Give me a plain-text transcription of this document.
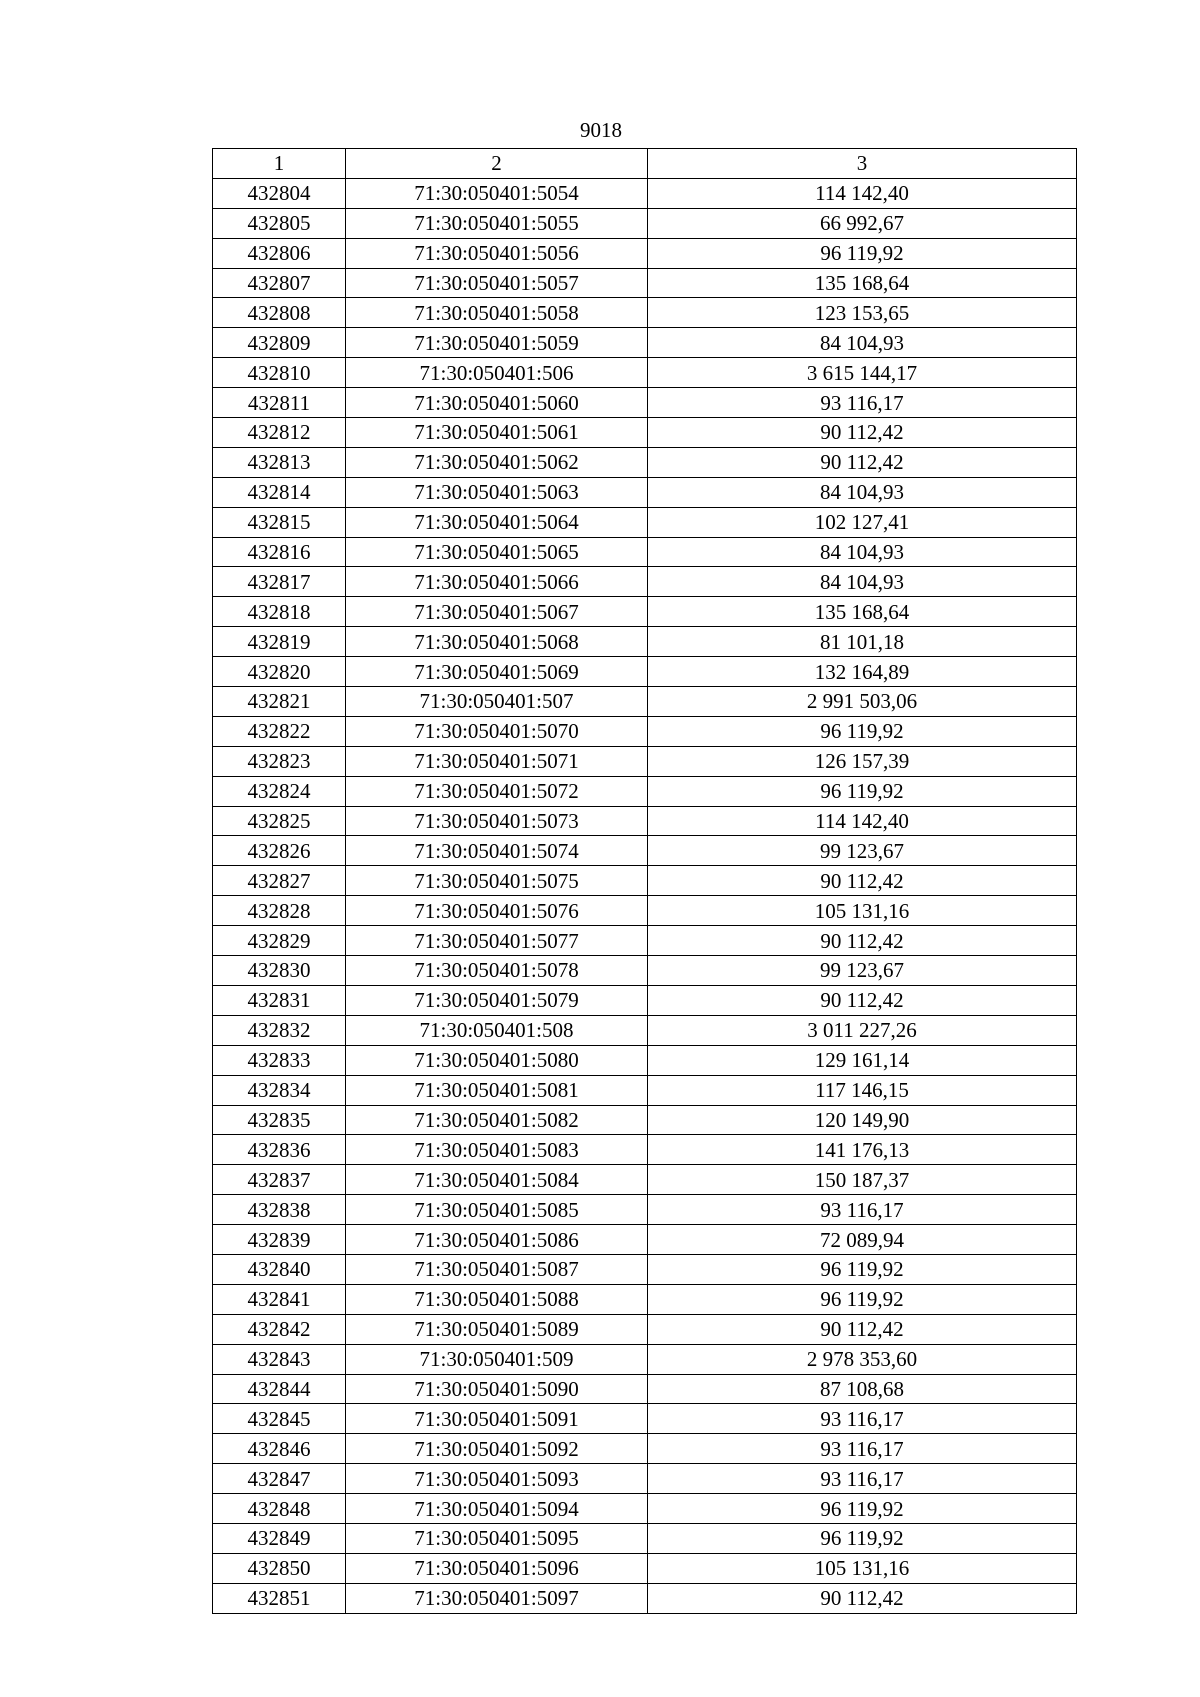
9018
1	2	3
432804	71:30:050401:5054	114 142,40
432805	71:30:050401:5055	66 992,67
432806	71:30:050401:5056	96 119,92
432807	71:30:050401:5057	135 168,64
432808	71:30:050401:5058	123 153,65
432809	71:30:050401:5059	84 104,93
432810	71:30:050401:506	3 615 144,17
432811	71:30:050401:5060	93 116,17
432812	71:30:050401:5061	90 112,42
432813	71:30:050401:5062	90 112,42
432814	71:30:050401:5063	84 104,93
432815	71:30:050401:5064	102 127,41
432816	71:30:050401:5065	84 104,93
432817	71:30:050401:5066	84 104,93
432818	71:30:050401:5067	135 168,64
432819	71:30:050401:5068	81 101,18
432820	71:30:050401:5069	132 164,89
432821	71:30:050401:507	2 991 503,06
432822	71:30:050401:5070	96 119,92
432823	71:30:050401:5071	126 157,39
432824	71:30:050401:5072	96 119,92
432825	71:30:050401:5073	114 142,40
432826	71:30:050401:5074	99 123,67
432827	71:30:050401:5075	90 112,42
432828	71:30:050401:5076	105 131,16
432829	71:30:050401:5077	90 112,42
432830	71:30:050401:5078	99 123,67
432831	71:30:050401:5079	90 112,42
432832	71:30:050401:508	3 011 227,26
432833	71:30:050401:5080	129 161,14
432834	71:30:050401:5081	117 146,15
432835	71:30:050401:5082	120 149,90
432836	71:30:050401:5083	141 176,13
432837	71:30:050401:5084	150 187,37
432838	71:30:050401:5085	93 116,17
432839	71:30:050401:5086	72 089,94
432840	71:30:050401:5087	96 119,92
432841	71:30:050401:5088	96 119,92
432842	71:30:050401:5089	90 112,42
432843	71:30:050401:509	2 978 353,60
432844	71:30:050401:5090	87 108,68
432845	71:30:050401:5091	93 116,17
432846	71:30:050401:5092	93 116,17
432847	71:30:050401:5093	93 116,17
432848	71:30:050401:5094	96 119,92
432849	71:30:050401:5095	96 119,92
432850	71:30:050401:5096	105 131,16
432851	71:30:050401:5097	90 112,42
